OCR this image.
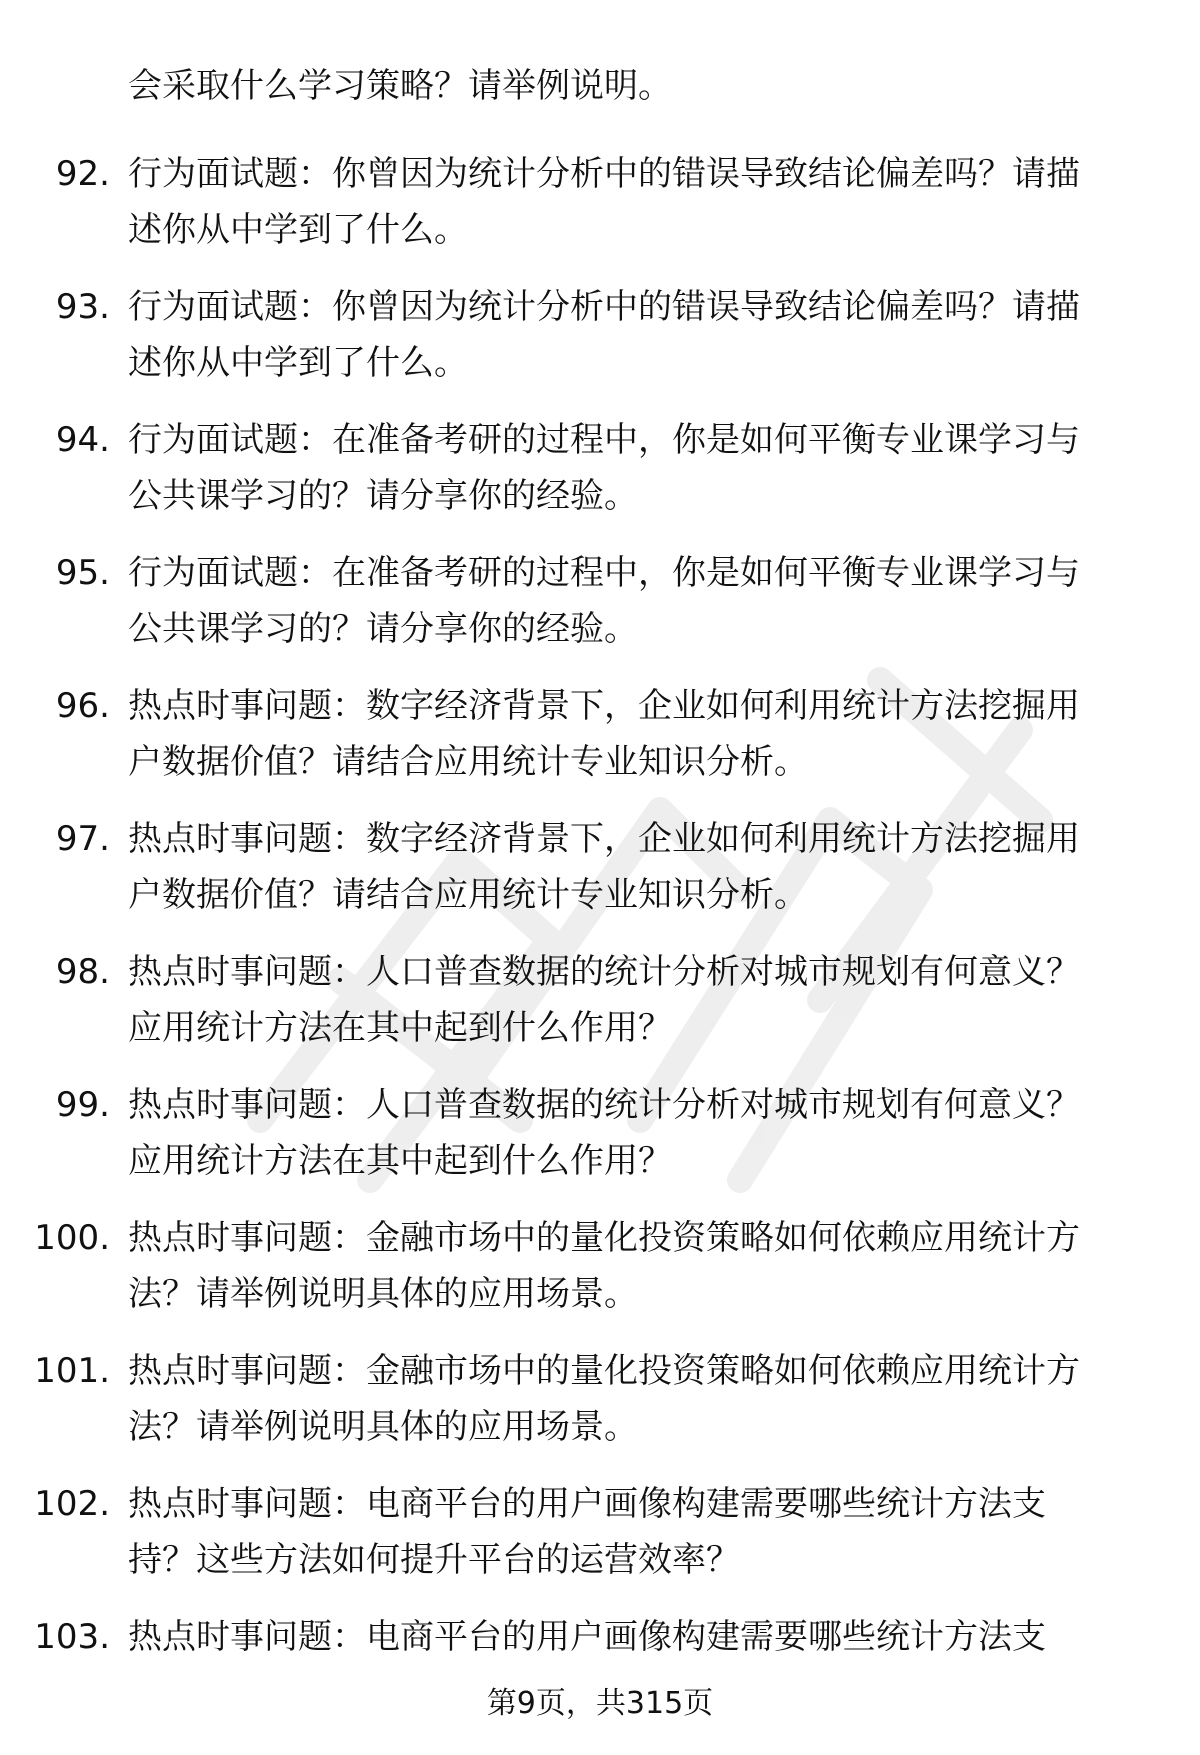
会采取什么学习策略？请举例说明。
92. 行为面试题：你曾因为统计分析中的错误导致结论偏差吗？请描
述你从中学到了什么。
93. 行为面试题：你曾因为统计分析中的错误导致结论偏差吗？请描
述你从中学到了什么。
94. 行为面试题：在准备考研的过程中，你是如何平衡专业课学习与
公共课学习的？请分享你的经验。
95. 行为面试题：在准备考研的过程中，你是如何平衡专业课学习与
公共课学习的？请分享你的经验。
96. 热点时事问题：数字经济背景下，企业如何利用统计方法挖掘用
户数据价值？请结合应用统计专业知识分析。
97. 热点时事问题：数字经济背景下，企业如何利用统计方法挖掘用
户数据价值？请结合应用统计专业知识分析。
98. 热点时事问题：人口普查数据的统计分析对城市规划有何意义？
应用统计方法在其中起到什么作用？
99. 热点时事问题：人口普查数据的统计分析对城市规划有何意义？
应用统计方法在其中起到什么作用？
100. 热点时事问题：金融市场中的量化投资策略如何依赖应用统计方
法？请举例说明具体的应用场景。
101. 热点时事问题：金融市场中的量化投资策略如何依赖应用统计方
法？请举例说明具体的应用场景。
102. 热点时事问题：电商平台的用户画像构建需要哪些统计方法支
持？这些方法如何提升平台的运营效率？
103. 热点时事问题：电商平台的用户画像构建需要哪些统计方法支
第9页，共315页
